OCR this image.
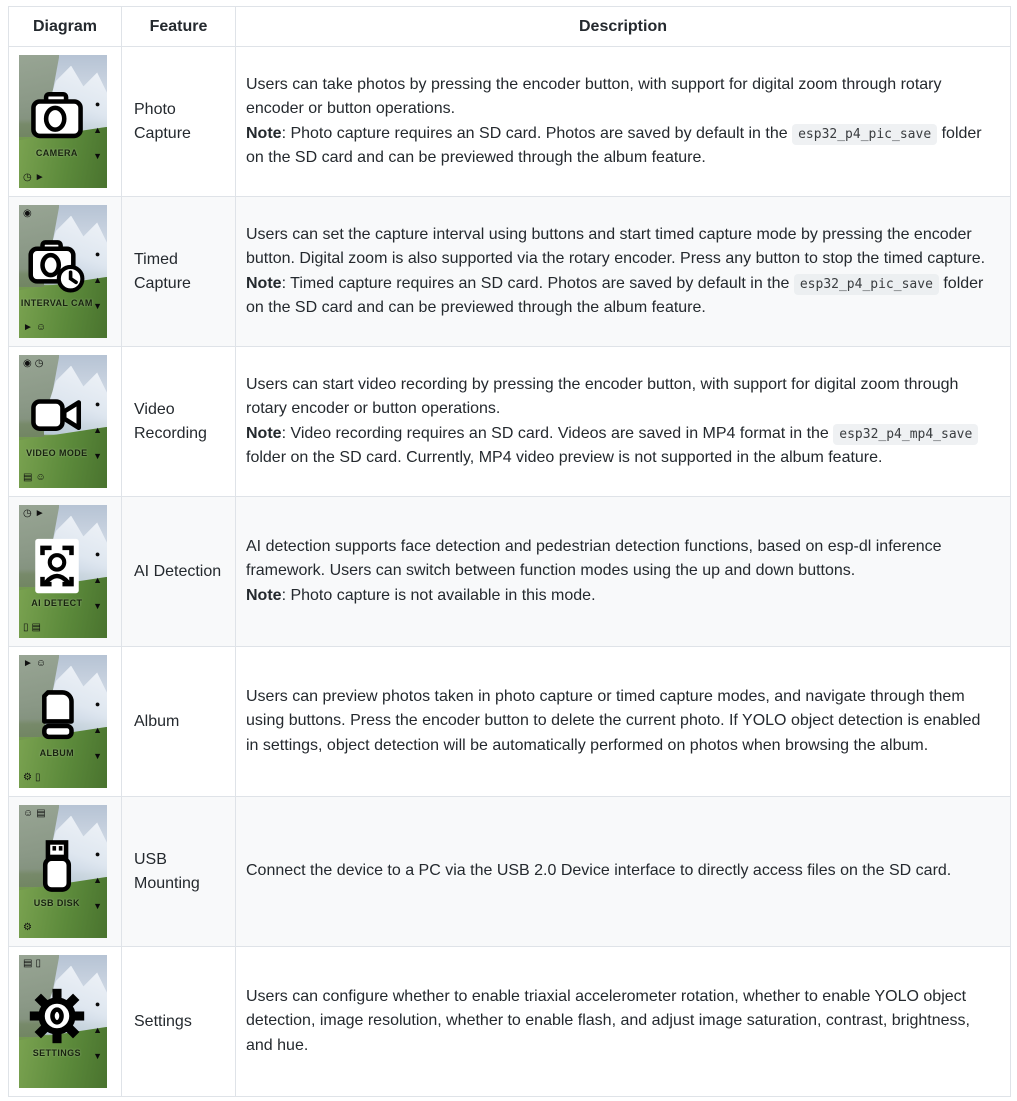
Diagram	Feature	Description

CAMERA
●
▲
▼
◷ ►
	Photo Capture	Users can take photos by pressing the encoder button, with support for digital zoom through rotary encoder or button operations.
Note: Photo capture requires an SD card. Photos are saved by default in the esp32_p4_pic_save folder on the SD card and can be previewed through the album feature.

◉
INTERVAL CAM
●
▲
▼
► ☺
	Timed Capture	Users can set the capture interval using buttons and start timed capture mode by pressing the encoder button. Digital zoom is also supported via the rotary encoder. Press any button to stop the timed capture.
Note: Timed capture requires an SD card. Photos are saved by default in the esp32_p4_pic_save folder on the SD card and can be previewed through the album feature.

◉ ◷
VIDEO MODE
●
▲
▼
▤ ☺
	Video Recording	Users can start video recording by pressing the encoder button, with support for digital zoom through rotary encoder or button operations.
Note: Video recording requires an SD card. Videos are saved in MP4 format in the esp32_p4_mp4_save folder on the SD card. Currently, MP4 video preview is not supported in the album feature.

◷ ►
AI DETECT
●
▲
▼
▯ ▤
	AI Detection	AI detection supports face detection and pedestrian detection functions, based on esp-dl inference framework. Users can switch between function modes using the up and down buttons.
Note: Photo capture is not available in this mode.

► ☺
ALBUM
●
▲
▼
⚙ ▯
	Album	Users can preview photos taken in photo capture or timed capture modes, and navigate through them using buttons. Press the encoder button to delete the current photo. If YOLO object detection is enabled in settings, object detection will be automatically performed on photos when browsing the album.

☺ ▤
USB DISK
●
▲
▼
⚙
	USB Mounting	Connect the device to a PC via the USB 2.0 Device interface to directly access files on the SD card.

▤ ▯
SETTINGS
●
▲
▼
	Settings	Users can configure whether to enable triaxial accelerometer rotation, whether to enable YOLO object detection, image resolution, whether to enable flash, and adjust image saturation, contrast, brightness, and hue.
